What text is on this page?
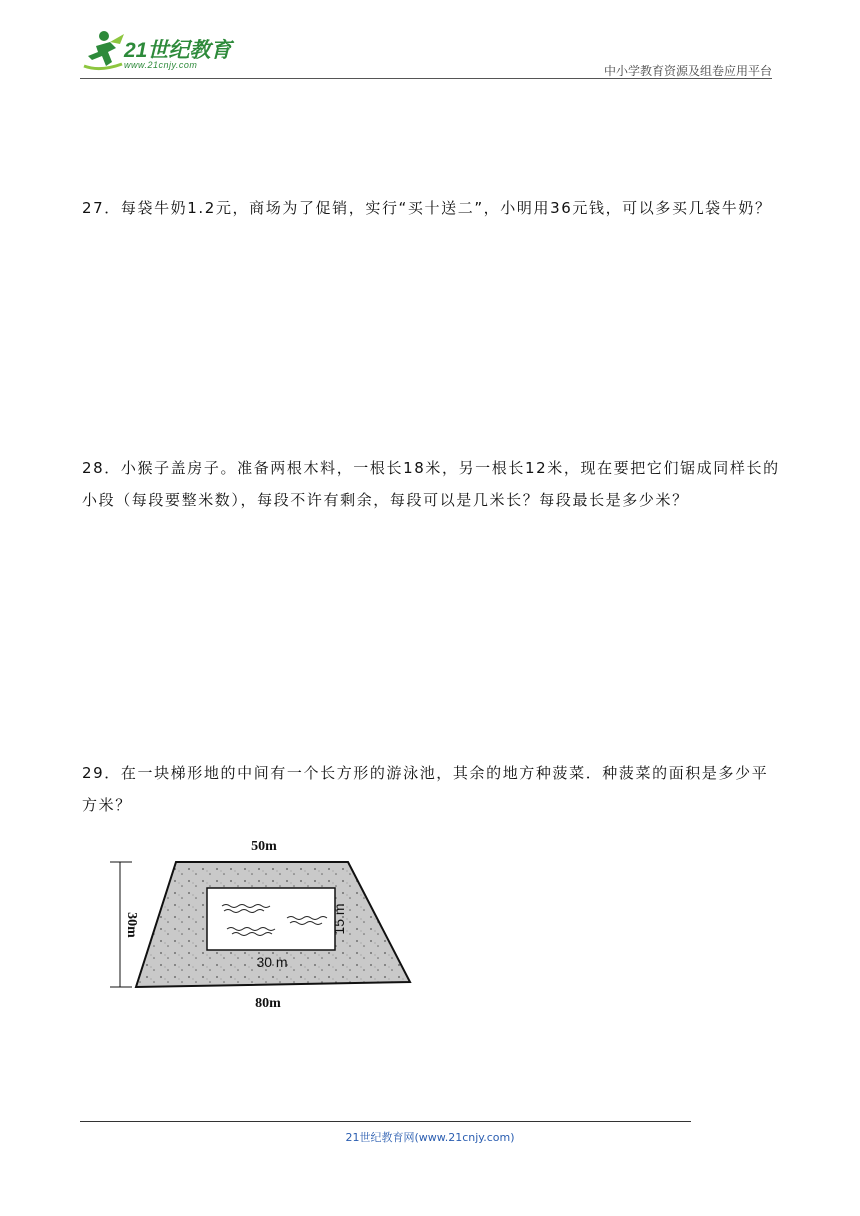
21世纪教育
www.21cnjy.com	中小学教育资源及组卷应用平台

27．每袋牛奶1.2元，商场为了促销，实行“买十送二”，小明用36元钱，可以多买几袋牛奶？

28．小猴子盖房子。准备两根木料，一根长18米，另一根长12米，现在要把它们锯成同样长的小段（每段要整米数），每段不许有剩余，每段可以是几米长？每段最长是多少米？

29．在一块梯形地的中间有一个长方形的游泳池，其余的地方种菠菜．种菠菜的面积是多少平方米？

30m	15 m
30 m
50m
80m
21世纪教育网(www.21cnjy.com)
